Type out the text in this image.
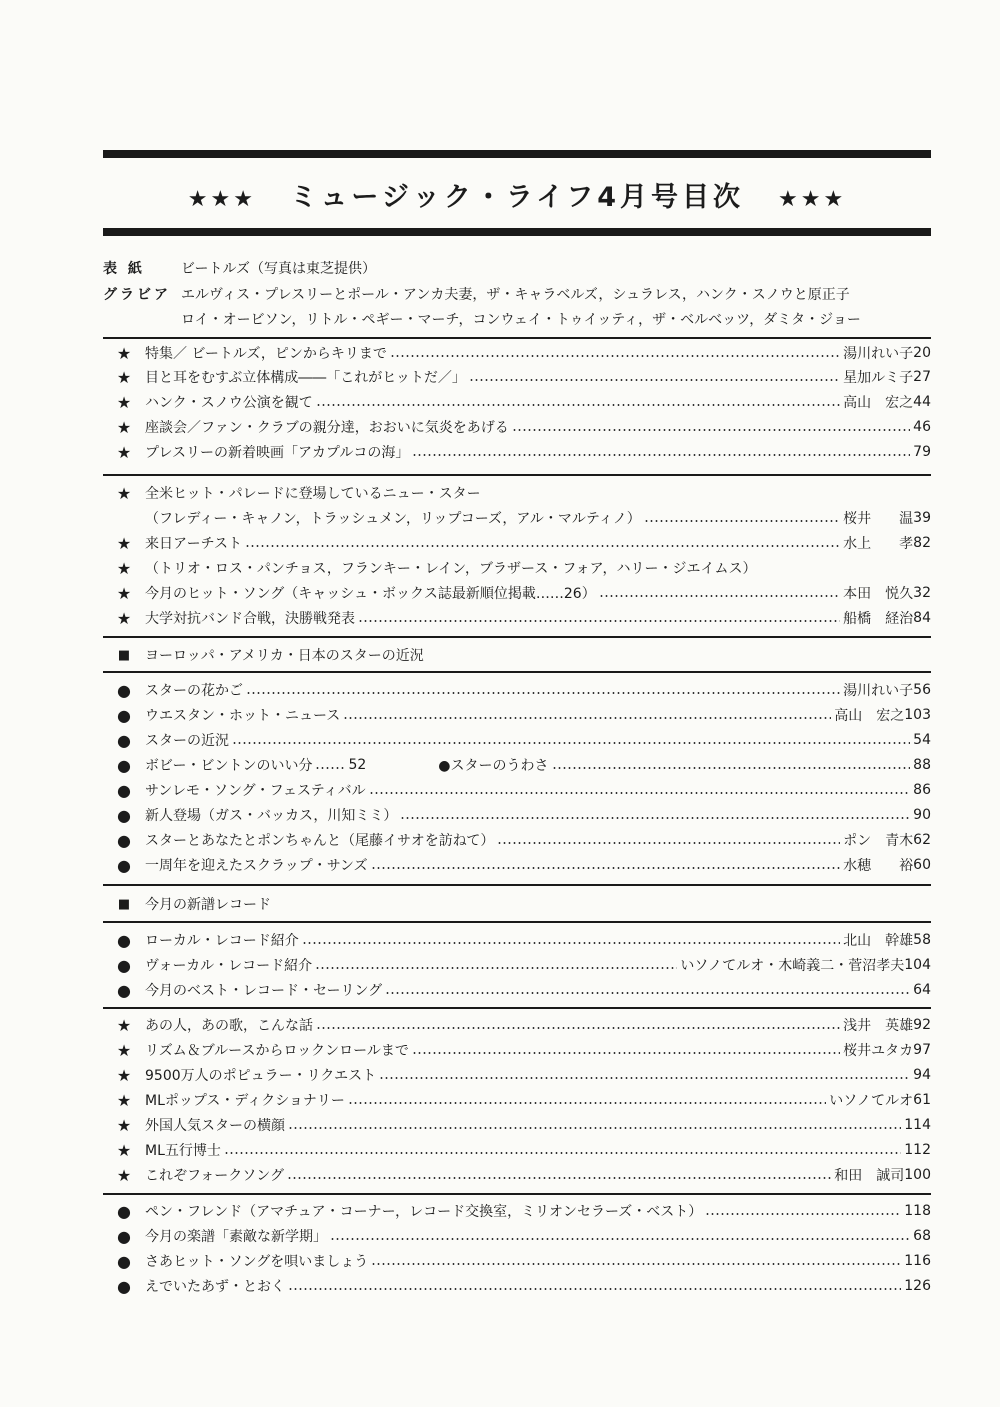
★★★ ミュージック・ライフ4月号目次 ★★★
表 紙	ビートルズ（写真は東芝提供）
グラビア エルヴィス・プレスリーとポール・アンカ夫妻，ザ・キャラベルズ，シュラレス，ハンク・スノウと原正子
ロイ・オービソン，リトル・ペギー・マーチ，コンウェイ・トゥイッティ，ザ・ベルベッツ，ダミタ・ジョー
★ 特集／ ビートルズ，ピンからキリまで	湯川れい子 20
★ 目と耳をむすぶ立体構成――「これがヒットだ／」	星加ルミ子 27
★ ハンク・スノウ公演を観て	高山　宏之 44
★ 座談会／ファン・クラブの親分達，おおいに気炎をあげる	46
★ プレスリーの新着映画「アカプルコの海」	79
★ 全米ヒット・パレードに登場しているニュー・スター
（フレディー・キャノン，トラッシュメン，リップコーズ，アル・マルティノ）	桜井　　温 39
★ 来日アーチスト	水上　　孝 82
★ （トリオ・ロス・パンチョス，フランキー・レイン，ブラザース・フォア，ハリー・ジエイムス）
★ 今月のヒット・ソング（キャッシュ・ボックス誌最新順位掲載……26）	本田　悦久 32
★ 大学対抗バンド合戦，決勝戦発表	船橋　経治 84
■	ヨーロッパ・アメリカ・日本のスターの近況
●	スターの花かご	湯川れい子 56
●	ウエスタン・ホット・ニュース	高山　宏之 103
●	スターの近況	54
●	ボビー・ビントンのいい分	52	●スターのうわさ	88
●	サンレモ・ソング・フェスティバル	86
●	新人登場（ガス・バッカス，川知ミミ）	90
●	スターとあなたとポンちゃんと（尾藤イサオを訪ねて）	ポン　青木 62
●	一周年を迎えたスクラップ・サンズ	水穂　　裕 60
■	今月の新譜レコード
●	ローカル・レコード紹介	北山　幹雄 58
●	ヴォーカル・レコード紹介	いソノてルオ・木崎義二・菅沼孝夫 104
●	今月のベスト・レコード・セーリング	64
★ あの人，あの歌，こんな話	浅井　英雄 92
★ リズム＆ブルースからロックンロールまで	桜井ユタカ 97
★ 9500万人のポピュラー・リクエスト	94
★ MLポップス・ディクショナリー	いソノてルオ 61
★ 外国人気スターの横顔	114
★ ML五行博士	112
★ これぞフォークソング	和田　誠司 100
●	ペン・フレンド（アマチュア・コーナー，レコード交換室，ミリオンセラーズ・ベスト）	118
●	今月の楽譜「素敵な新学期」	68
●	さあヒット・ソングを唄いましょう	116
●	えでいたあず・とおく	126
